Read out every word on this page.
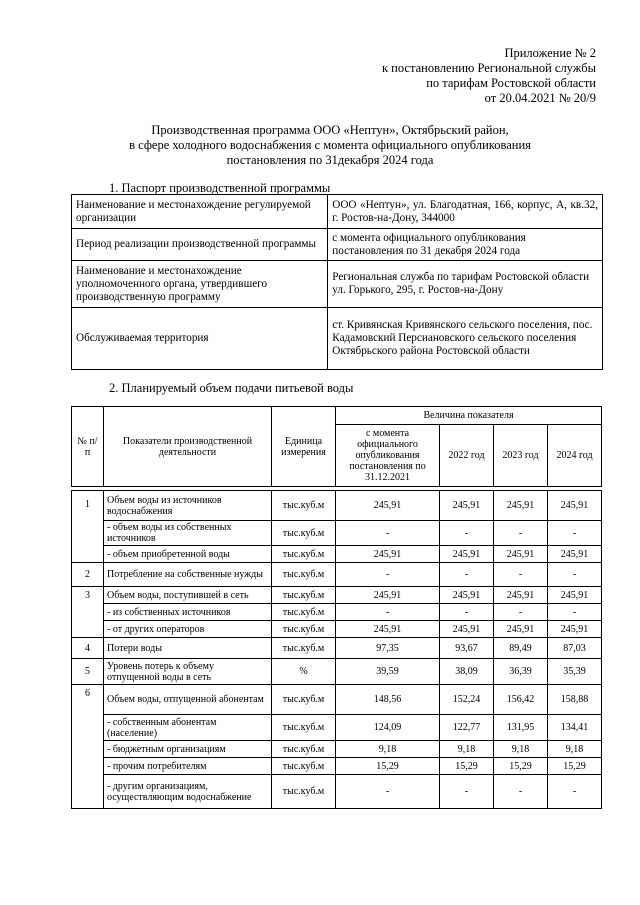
Приложение № 2
к постановлению Региональной службы
по тарифам Ростовской области
от 20.04.2021 № 20/9
Производственная программа ООО «Нептун», Октябрьский район,
в сфере холодного водоснабжения с момента официального опубликования
постановления по 31декабря 2024 года
1. Паспорт производственной программы
Наименование и местонахождение регулируемой организации	ООО «Нептун», ул. Благодатная, 166, корпус, А, кв.32, г. Ростов-на-Дону, 344000
Период реализации производственной программы	с момента официального опубликования постановления по 31 декабря 2024 года
Наименование и местонахождение уполномоченного органа, утвердившего производственную программу	Региональная служба по тарифам Ростовской области
ул. Горького, 295, г. Ростов-на-Дону

Обслуживаемая территория	ст. Кривянская Кривянского сельского поселения, пос. Кадамовский Персиановского сельского поселения Октябрьского района Ростовской области
2. Планируемый объем подачи питьевой воды
№ п/п	Показатели производственной деятельности	Единица измерения	Величина показателя			
			с момента официального опубликования постановления по 31.12.2021	2022 год	2023 год	2024 год

1	Объем воды из источников водоснабжения	тыс.куб.м	245,91	245,91	245,91	245,91
	- объем воды из собственных источников	тыс.куб.м	-	-	-	-
	- объем приобретенной воды	тыс.куб.м	245,91	245,91	245,91	245,91
2	Потребление на собственные нужды	тыс.куб.м	-	-	-	-
3	Объем воды, поступившей в сеть	тыс.куб.м	245,91	245,91	245,91	245,91
	- из собственных источников	тыс.куб.м	-	-	-	-
	- от других операторов	тыс.куб.м	245,91	245,91	245,91	245,91
4	Потери воды	тыс.куб.м	97,35	93,67	89,49	87,03
5	Уровень потерь к объему отпущенной воды в сеть	%	39,59	38,09	36,39	35,39
6	Объем воды, отпущенной абонентам	тыс.куб.м	148,56	152,24	156,42	158,88
	- собственным абонентам (население)	тыс.куб.м	124,09	122,77	131,95	134,41
	- бюджетным организациям	тыс.куб.м	9,18	9,18	9,18	9,18
	- прочим потребителям	тыс.куб.м	15,29	15,29	15,29	15,29
	- другим организациям, осуществляющим водоснабжение	тыс.куб.м	-	-	-	-
